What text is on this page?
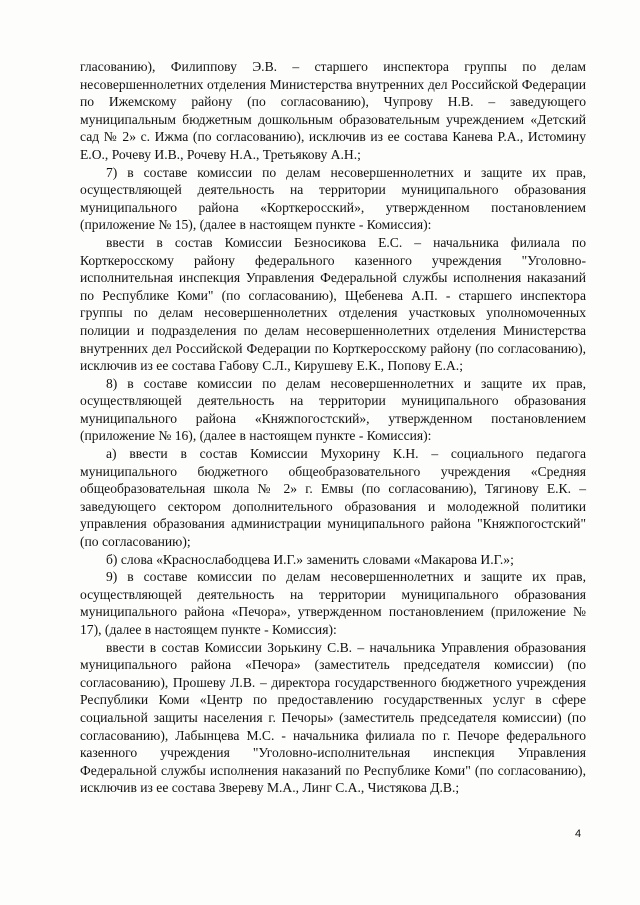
гласованию), Филиппову Э.В. – старшего инспектора группы по делам несовершеннолетних отделения Министерства внутренних дел Российской Федерации по Ижемскому району (по согласованию), Чупрову Н.В. – заведующего муниципальным бюджетным дошкольным образовательным учреждением «Детский сад № 2» с. Ижма (по согласованию), исключив из ее состава Канева Р.А., Истомину Е.О., Рочеву И.В., Рочеву Н.А., Третьякову А.Н.;

7) в составе комиссии по делам несовершеннолетних и защите их прав, осуществляющей деятельность на территории муниципального образования муниципального района «Корткеросский», утвержденном постановлением (приложение № 15), (далее в настоящем пункте - Комиссия):

ввести в состав Комиссии Безносикова Е.С. – начальника филиала по Корткеросскому району федерального казенного учреждения "Уголовно-исполнительная инспекция Управления Федеральной службы исполнения наказаний по Республике Коми" (по согласованию), Щебенева А.П. - старшего инспектора группы по делам несовершеннолетних отделения участковых уполномоченных полиции и подразделения по делам несовершеннолетних отделения Министерства внутренних дел Российской Федерации по Корткеросскому району (по согласованию), исключив из ее состава Габову С.Л., Кирушеву Е.К., Попову Е.А.;

8) в составе комиссии по делам несовершеннолетних и защите их прав, осуществляющей деятельность на территории муниципального образования муниципального района «Княжпогостский», утвержденном постановлением (приложение № 16), (далее в настоящем пункте - Комиссия):

а) ввести в состав Комиссии Мухорину К.Н. – социального педагога муниципального бюджетного общеобразовательного учреждения «Средняя общеобразовательная школа № 2» г. Емвы (по согласованию), Тягинову Е.К. – заведующего сектором дополнительного образования и молодежной политики управления образования администрации муниципального района "Княжпогостский" (по согласованию);

б) слова «Краснослабодцева И.Г.» заменить словами «Макарова И.Г.»;

9) в составе комиссии по делам несовершеннолетних и защите их прав, осуществляющей деятельность на территории муниципального образования муниципального района «Печора», утвержденном постановлением (приложение № 17), (далее в настоящем пункте - Комиссия):

ввести в состав Комиссии Зорькину С.В. – начальника Управления образования муниципального района «Печора» (заместитель председателя комиссии) (по согласованию), Прошеву Л.В. – директора государственного бюджетного учреждения Республики Коми «Центр по предоставлению государственных услуг в сфере социальной защиты населения г. Печоры» (заместитель председателя комиссии) (по согласованию), Лабынцева М.С. - начальника филиала по г. Печоре федерального казенного учреждения "Уголовно-исполнительная инспекция Управления Федеральной службы исполнения наказаний по Республике Коми" (по согласованию), исключив из ее состава Звереву М.А., Линг С.А., Чистякова Д.В.;

4
